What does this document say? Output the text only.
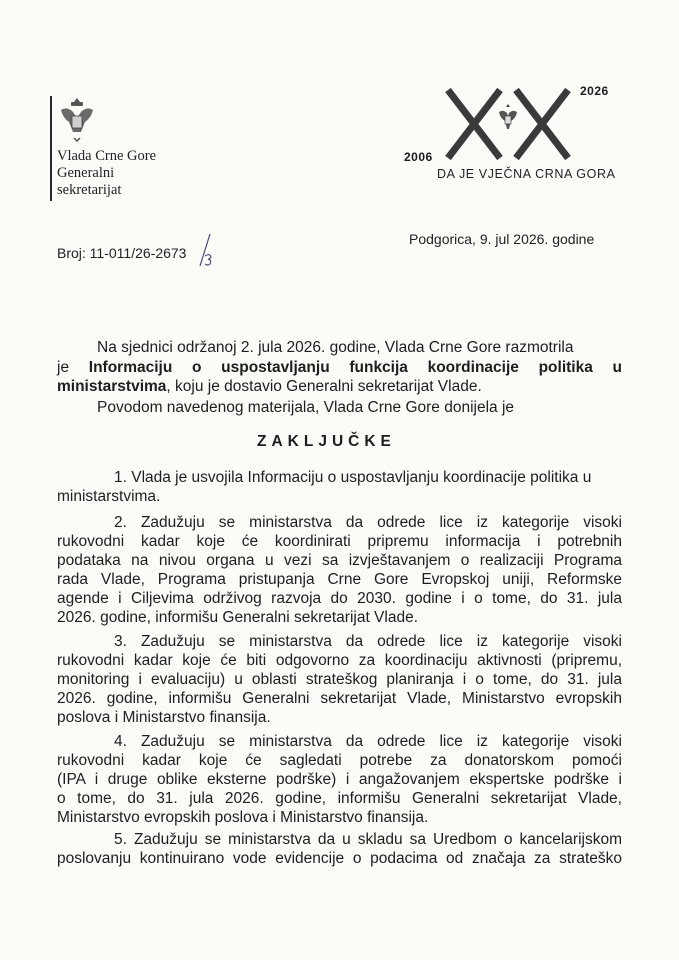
Vlada Crne Gore
Generalni
sekretarijat
2026
2006
DA JE VJEČNA CRNA GORA
Broj: 11-011/26-2673
Podgorica, 9. jul 2026. godine
Na sjednici održanoj 2. jula 2026. godine, Vlada Crne Gore razmotrila
je Informaciju o uspostavljanju funkcija koordinacije politika u
ministarstvima, koju je dostavio Generalni sekretarijat Vlade.
Povodom navedenog materijala, Vlada Crne Gore donijela je
ZAKLJUČKE
1. Vlada je usvojila Informaciju o uspostavljanju koordinacije politika u
ministarstvima.
2. Zadužuju se ministarstva da odrede lice iz kategorije visoki
rukovodni kadar koje će koordinirati pripremu informacija i potrebnih
podataka na nivou organa u vezi sa izvještavanjem o realizaciji Programa
rada Vlade, Programa pristupanja Crne Gore Evropskoj uniji, Reformske
agende i Ciljevima održivog razvoja do 2030. godine i o tome, do 31. jula
2026. godine, informišu Generalni sekretarijat Vlade.
3. Zadužuju se ministarstva da odrede lice iz kategorije visoki
rukovodni kadar koje će biti odgovorno za koordinaciju aktivnosti (pripremu,
monitoring i evaluaciju) u oblasti strateškog planiranja i o tome, do 31. jula
2026. godine, informišu Generalni sekretarijat Vlade, Ministarstvo evropskih
poslova i Ministarstvo finansija.
4. Zadužuju se ministarstva da odrede lice iz kategorije visoki
rukovodni kadar koje će sagledati potrebe za donatorskom pomoći
(IPA i druge oblike eksterne podrške) i angažovanjem ekspertske podrške i
o tome, do 31. jula 2026. godine, informišu Generalni sekretarijat Vlade,
Ministarstvo evropskih poslova i Ministarstvo finansija.
5. Zadužuju se ministarstva da u skladu sa Uredbom o kancelarijskom
poslovanju kontinuirano vode evidencije o podacima od značaja za strateško
